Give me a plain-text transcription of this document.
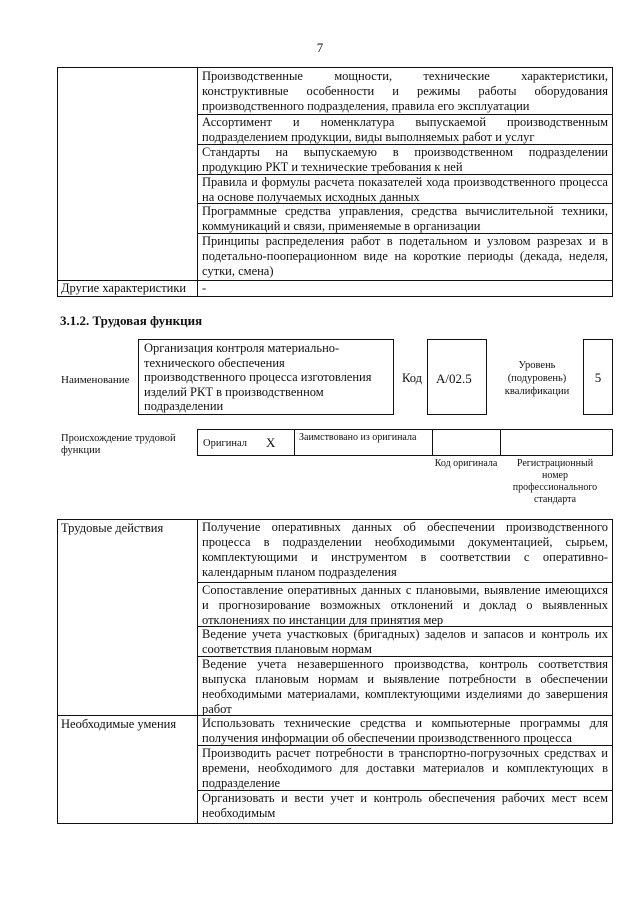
7
Производственные мощности, технические характеристики, конструктивные особенности и режимы работы оборудования производственного подразделения, правила его эксплуатации
Ассортимент и номенклатура выпускаемой производственным подразделением продукции, виды выполняемых работ и услуг
Стандарты на выпускаемую в производственном подразделении продукцию РКТ и технические требования к ней
Правила и формулы расчета показателей хода производственного процесса на основе получаемых исходных данных
Программные средства управления, средства вычислительной техники, коммуникаций и связи, применяемые в организации
Принципы распределения работ в подетальном и узловом разрезах и в подетально-пооперационном виде на короткие периоды (декада, неделя, сутки, смена)
Другие характеристики -
3.1.2. Трудовая функция
Наименование
Организация контроля материально-технического обеспечения производственного процесса изготовления изделий РКТ в производственном подразделении
Код А/02.5
Уровень (подуровень) квалификации
5
Происхождение трудовой функции
Оригинал X Заимствовано из оригинала
Код оригинала	Регистрационный номер профессионального стандарта
Трудовые действия	Получение оперативных данных об обеспечении производственного процесса в подразделении необходимыми документацией, сырьем, комплектующими и инструментом в соответствии с оперативно-календарным планом подразделения
Сопоставление оперативных данных с плановыми, выявление имеющихся и прогнозирование возможных отклонений и доклад о выявленных отклонениях по инстанции для принятия мер
Ведение учета участковых (бригадных) заделов и запасов и контроль их соответствия плановым нормам
Ведение учета незавершенного производства, контроль соответствия выпуска плановым нормам и выявление потребности в обеспечении необходимыми материалами, комплектующими изделиями до завершения работ
Необходимые умения Использовать технические средства и компьютерные программы для получения информации об обеспечении производственного процесса
Производить расчет потребности в транспортно-погрузочных средствах и времени, необходимого для доставки материалов и комплектующих в подразделение
Организовать и вести учет и контроль обеспечения рабочих мест всем необходимым
